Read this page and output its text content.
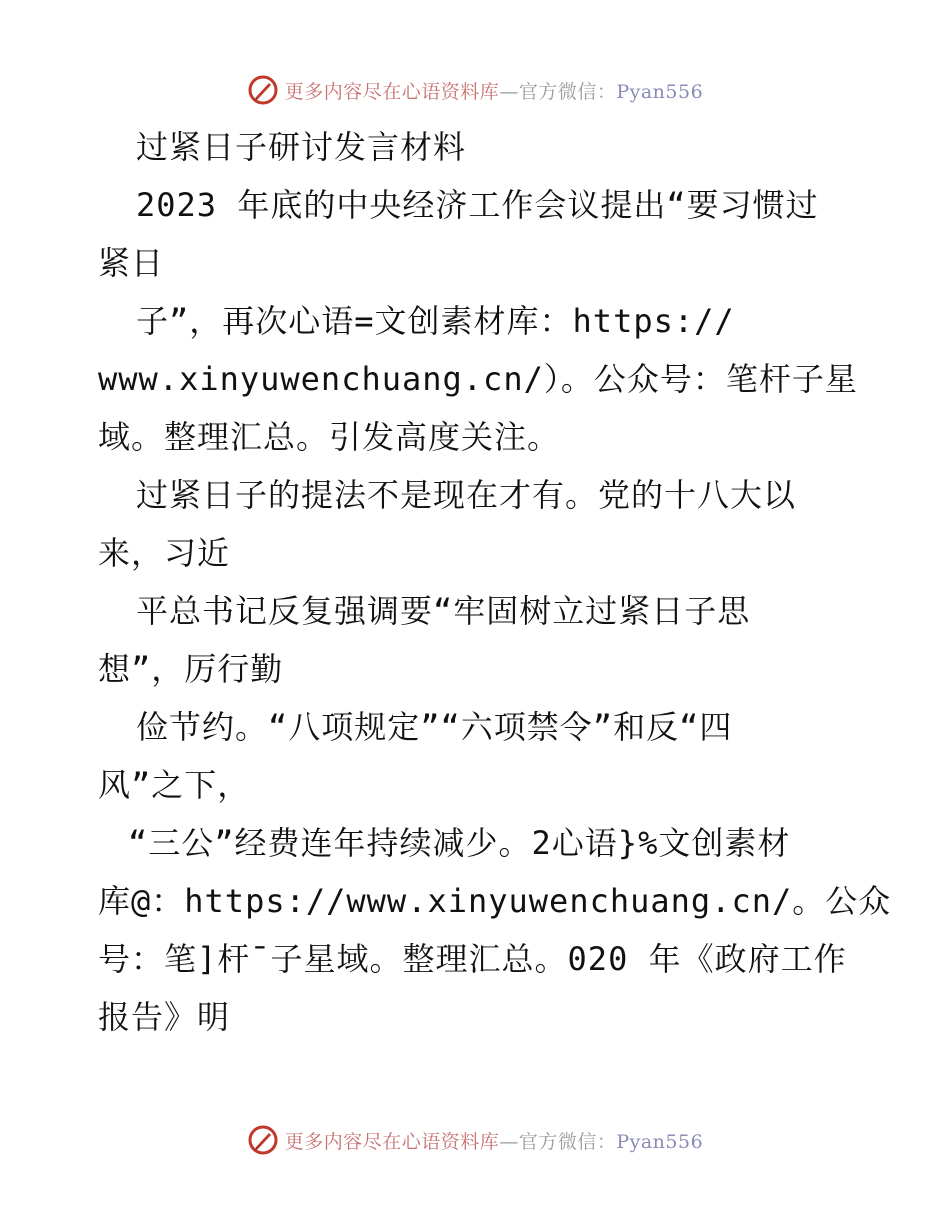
更多内容尽在心语资料库—官方微信：Pyan556
过紧日子研讨发言材料
2023 年底的中央经济工作会议提出“要习惯过
紧日
子”，再次心语=文创素材库：https://
www.xinyuwenchuang.cn/）。公众号：笔杆子星
域。整理汇总。引发高度关注。
过紧日子的提法不是现在才有。党的十八大以
来，习近
平总书记反复强调要“牢固树立过紧日子思
想”，厉行勤
俭节约。“八项规定”“六项禁令”和反“四
风”之下，
“三公”经费连年持续减少。2心语}%文创素材
库@：https://www.xinyuwenchuang.cn/。公众
号：笔]杆¯子星域。整理汇总。020 年《政府工作
报告》明
更多内容尽在心语资料库—官方微信：Pyan556
